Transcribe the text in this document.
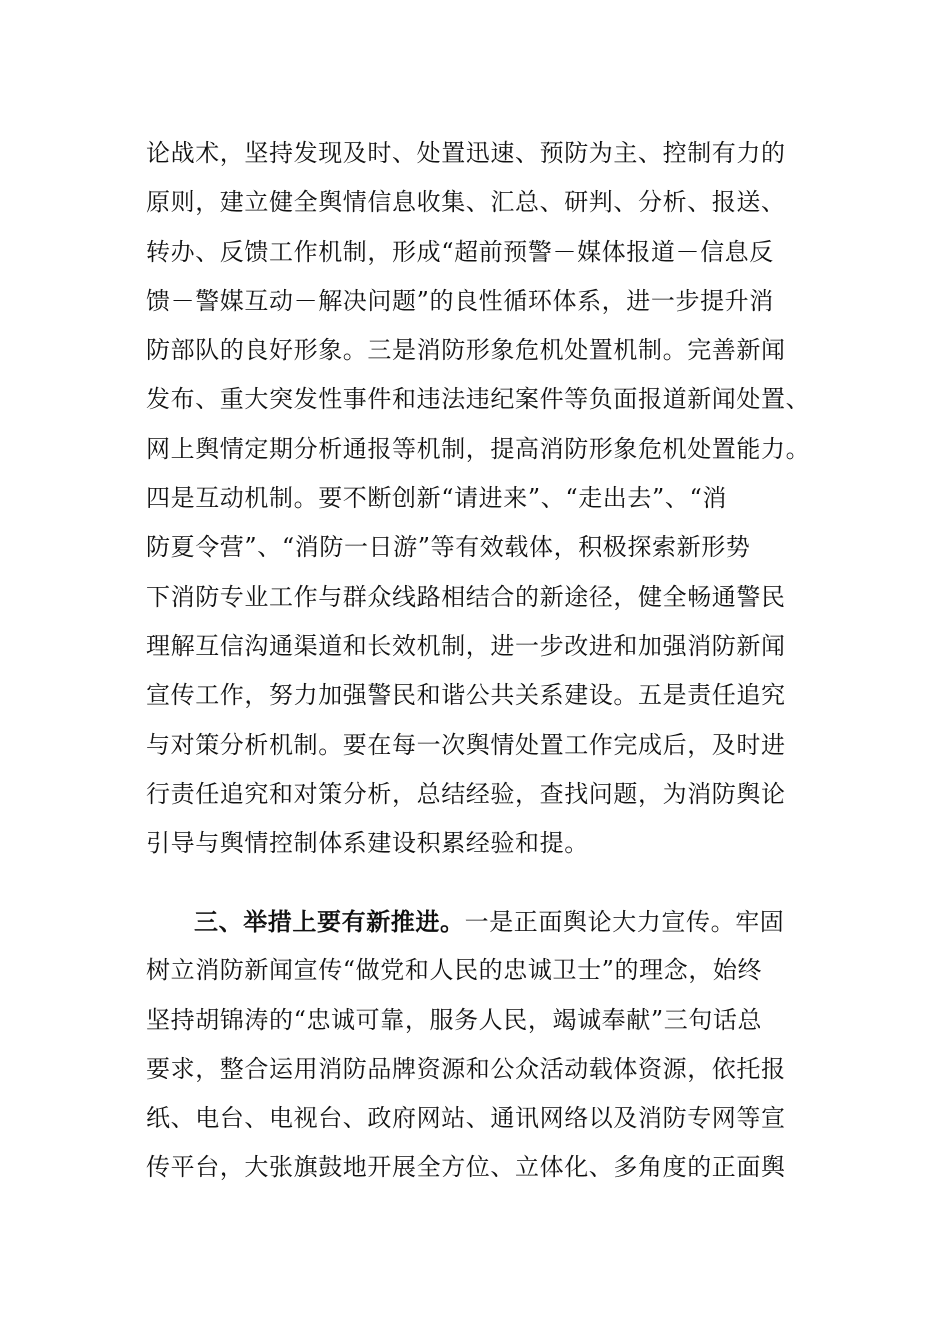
论战术，坚持发现及时、处置迅速、预防为主、控制有力的
原则，建立健全舆情信息收集、汇总、研判、分析、报送、
转办、反馈工作机制，形成“超前预警－媒体报道－信息反
馈－警媒互动－解决问题”的良性循环体系，进一步提升消
防部队的良好形象。三是消防形象危机处置机制。完善新闻
发布、重大突发性事件和违法违纪案件等负面报道新闻处置、
网上舆情定期分析通报等机制，提高消防形象危机处置能力。
四是互动机制。要不断创新“请进来”、“走出去”、“消
防夏令营”、“消防一日游”等有效载体，积极探索新形势
下消防专业工作与群众线路相结合的新途径，健全畅通警民
理解互信沟通渠道和长效机制，进一步改进和加强消防新闻
宣传工作，努力加强警民和谐公共关系建设。五是责任追究
与对策分析机制。要在每一次舆情处置工作完成后，及时进
行责任追究和对策分析，总结经验，查找问题，为消防舆论
引导与舆情控制体系建设积累经验和提。
三、举措上要有新推进。一是正面舆论大力宣传。牢固
树立消防新闻宣传“做党和人民的忠诚卫士”的理念，始终
坚持胡锦涛的“忠诚可靠，服务人民，竭诚奉献”三句话总
要求，整合运用消防品牌资源和公众活动载体资源，依托报
纸、电台、电视台、政府网站、通讯网络以及消防专网等宣
传平台，大张旗鼓地开展全方位、立体化、多角度的正面舆
